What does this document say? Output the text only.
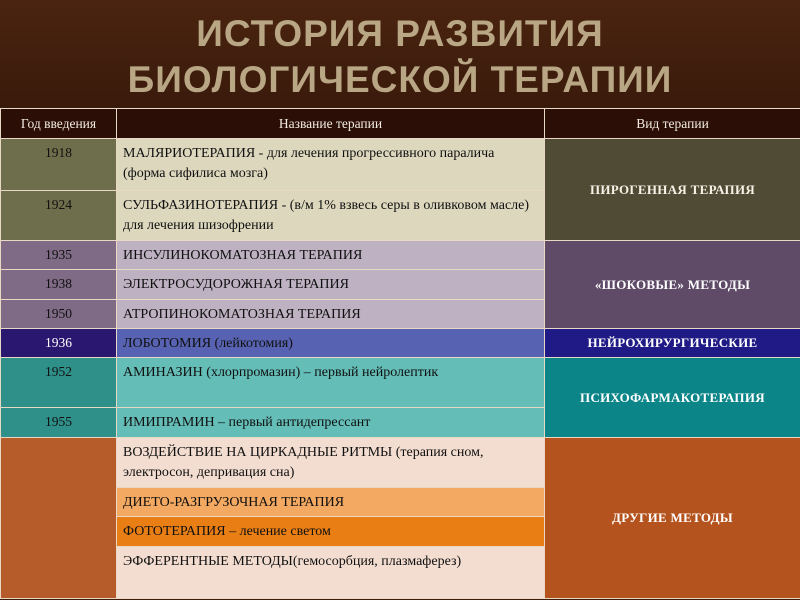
ИСТОРИЯ РАЗВИТИЯ
БИОЛОГИЧЕСКОЙ ТЕРАПИИ
Год введения	Название терапии	Вид терапии
1918	МАЛЯРИОТЕРАПИЯ - для лечения прогрессивного паралича (форма сифилиса мозга)	ПИРОГЕННАЯ ТЕРАПИЯ
1924	СУЛЬФАЗИНОТЕРАПИЯ - (в/м 1% взвесь серы в оливковом масле) для лечения шизофрении	
1935	ИНСУЛИНОКОМАТОЗНАЯ ТЕРАПИЯ	«ШОКОВЫЕ» МЕТОДЫ
1938	ЭЛЕКТРОСУДОРОЖНАЯ ТЕРАПИЯ	
1950	АТРОПИНОКОМАТОЗНАЯ ТЕРАПИЯ	
1936	ЛОБОТОМИЯ (лейкотомия)	НЕЙРОХИРУРГИЧЕСКИЕ
1952	АМИНАЗИН (хлорпромазин) – первый нейролептик	ПСИХОФАРМАКОТЕРАПИЯ
1955	ИМИПРАМИН – первый антидепрессант	
	ВОЗДЕЙСТВИЕ НА ЦИРКАДНЫЕ РИТМЫ (терапия сном, электросон, депривация сна)	ДРУГИЕ МЕТОДЫ
	ДИЕТО-РАЗГРУЗОЧНАЯ ТЕРАПИЯ	
	ФОТОТЕРАПИЯ – лечение светом	
	ЭФФЕРЕНТНЫЕ МЕТОДЫ(гемосорбция, плазмаферез)	
